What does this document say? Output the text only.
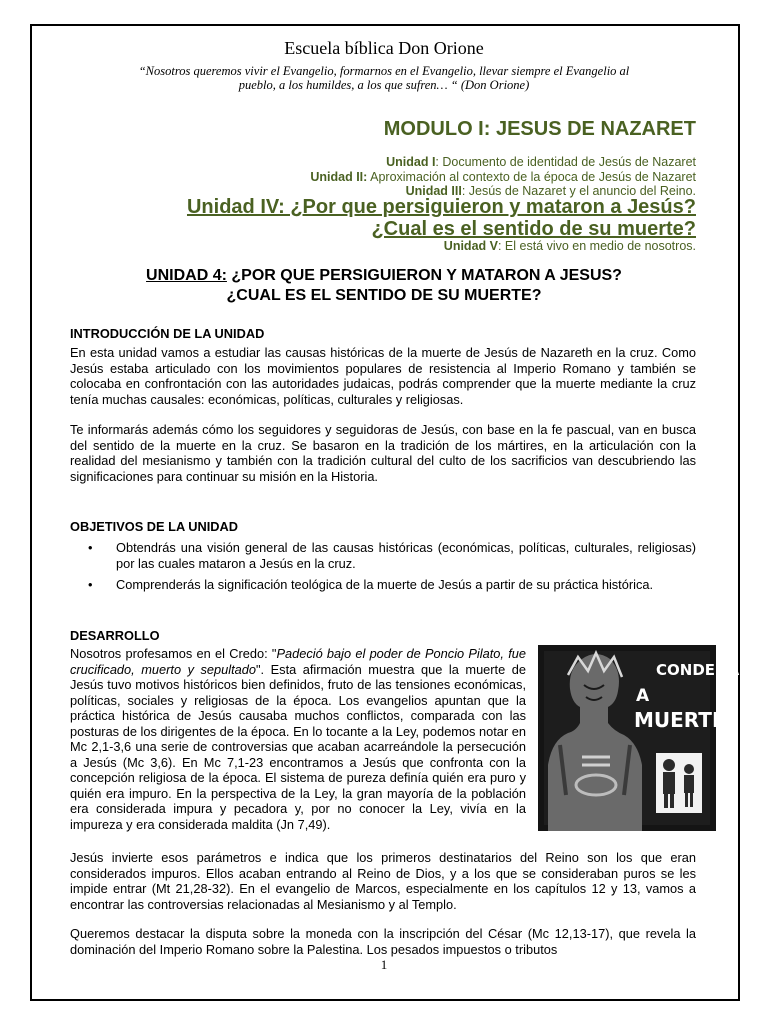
Escuela bíblica Don Orione

“Nosotros queremos vivir el Evangelio, formarnos en el Evangelio, llevar siempre el Evangelio al
pueblo, a los humildes, a los que sufren… “ (Don Orione)

MODULO I: JESUS DE NAZARET

Unidad I: Documento de identidad de Jesús de Nazaret
Unidad II: Aproximación al contexto de la época de Jesús de Nazaret
Unidad III: Jesús de Nazaret y el anuncio del Reino.
Unidad IV: ¿Por que persiguieron y mataron a Jesús?
¿Cual es el sentido de su muerte?

Unidad V: El está vivo en medio de nosotros.

UNIDAD 4: ¿POR QUE PERSIGUIERON Y MATARON A JESUS?
¿CUAL ES EL SENTIDO DE SU MUERTE?

INTRODUCCIÓN DE LA UNIDAD

En esta unidad vamos a estudiar las causas históricas de la muerte de Jesús de Nazareth en la cruz. Como Jesús estaba articulado con los movimientos populares de resistencia al Imperio Romano y también se colocaba en confrontación con las autoridades judaicas, podrás comprender que la muerte mediante la cruz tenía muchas causales: económicas, políticas, culturales y religiosas.

Te informarás además cómo los seguidores y seguidoras de Jesús, con base en la fe pascual, van en busca del sentido de la muerte en la cruz. Se basaron en la tradición de los mártires, en la articulación con la realidad del mesianismo y también con la tradición cultural del culto de los sacrificios van descubriendo las significaciones para continuar su misión en la Historia.

OBJETIVOS DE LA UNIDAD

• Obtendrás una visión general de las causas históricas (económicas, políticas, culturales, religiosas) por las cuales mataron a Jesús en la cruz.
• Comprenderás la significación teológica de la muerte de Jesús a partir de su práctica histórica.

DESARROLLO

Nosotros profesamos en el Credo: "Padeció bajo el poder de Poncio Pilato, fue crucificado, muerto y sepultado". Esta afirmación muestra que la muerte de Jesús tuvo motivos históricos bien definidos, fruto de las tensiones económicas, políticas, sociales y religiosas de la época. Los evangelios apuntan que la práctica histórica de Jesús causaba muchos conflictos, comparada con las posturas de los dirigentes de la época. En lo tocante a la Ley, podemos notar en Mc 2,1-3,6 una serie de controversias que acaban acarreándole la persecución a Jesús (Mc 3,6). En Mc 7,1-23 encontramos a Jesús que confronta con la concepción religiosa de la época. El sistema de pureza definía quién era puro y quién era impuro. En la perspectiva de la Ley, la gran mayoría de la población era considerada impura y pecadora y, por no conocer la Ley, vivía en la impureza y era considerada maldita (Jn 7,49).

CONDENADO
A
MUERTE

Jesús invierte esos parámetros e indica que los primeros destinatarios del Reino son los que eran considerados impuros. Ellos acaban entrando al Reino de Dios, y a los que se consideraban puros se les impide entrar (Mt 21,28-32). En el evangelio de Marcos, especialmente en los capítulos 12 y 13, vamos a encontrar las controversias relacionadas al Mesianismo y al Templo.

Queremos destacar la disputa sobre la moneda con la inscripción del César (Mc 12,13-17), que revela la dominación del Imperio Romano sobre la Palestina. Los pesados impuestos o tributos

1
